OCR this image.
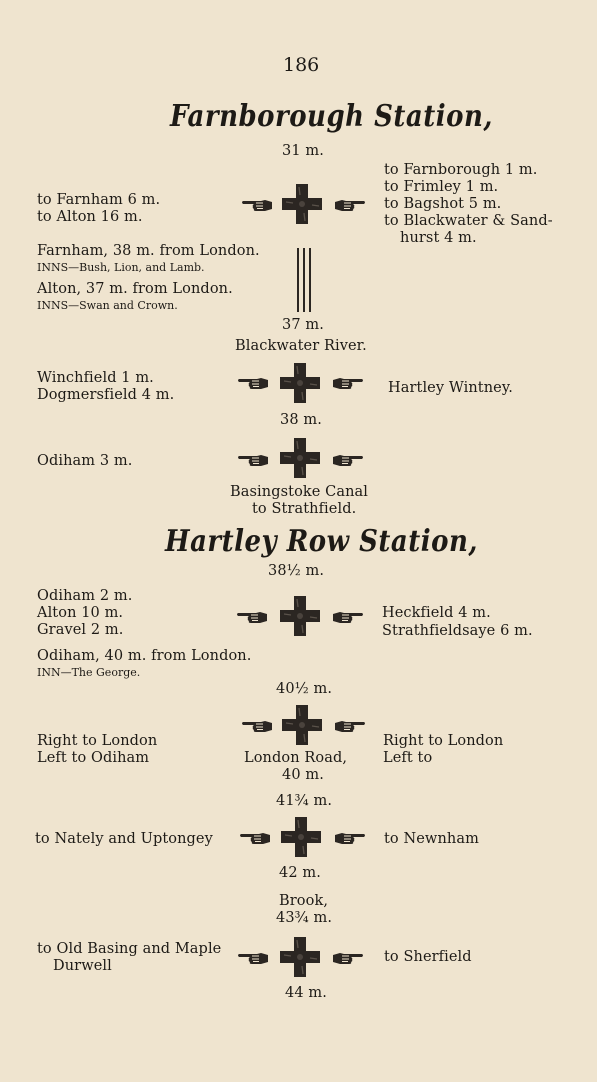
186
Farnborough Station,
31 m.
to Farnborough 1 m.
to Frimley 1 m.
to Bagshot 5 m.
to Blackwater & Sand-
hurst 4 m.
to Farnham 6 m.
to Alton 16 m.
Farnham, 38 m. from London.
INNS—Bush, Lion, and Lamb.
Alton, 37 m. from London.
INNS—Swan and Crown.
37 m.
Blackwater River.
Winchfield 1 m.
Dogmersfield 4 m.	Hartley Wintney.
38 m.
Odiham 3 m.
Basingstoke Canal
to Strathfield.
Hartley Row Station,
38½ m.
Odiham 2 m.
Alton 10 m.
Gravel 2 m.
Heckfield 4 m.
Strathfieldsaye 6 m.
Odiham, 40 m. from London.
INN—The George.
40½ m.
Right to London
Left to Odiham	London Road,
40 m.
Right to London
Left to
41¾ m.
to Nately and Uptongey	to Newnham
42 m.
Brook,
43¾ m.
to Old Basing and Maple
Durwell
to Sherfield
44 m.
